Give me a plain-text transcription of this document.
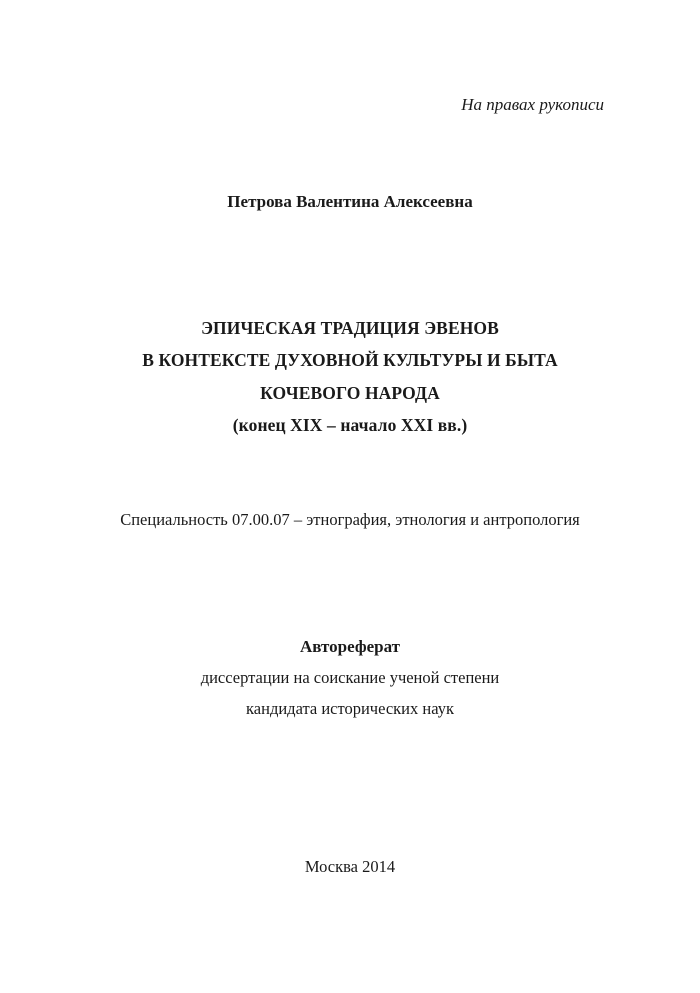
На правах рукописи
Петрова Валентина Алексеевна
ЭПИЧЕСКАЯ ТРАДИЦИЯ ЭВЕНОВ
В КОНТЕКСТЕ ДУХОВНОЙ КУЛЬТУРЫ И БЫТА
КОЧЕВОГО НАРОДА
(конец XIX – начало XXI вв.)
Специальность 07.00.07 – этнография, этнология и антропология
Автореферат
диссертации на соискание ученой степени
кандидата исторических наук
Москва 2014
